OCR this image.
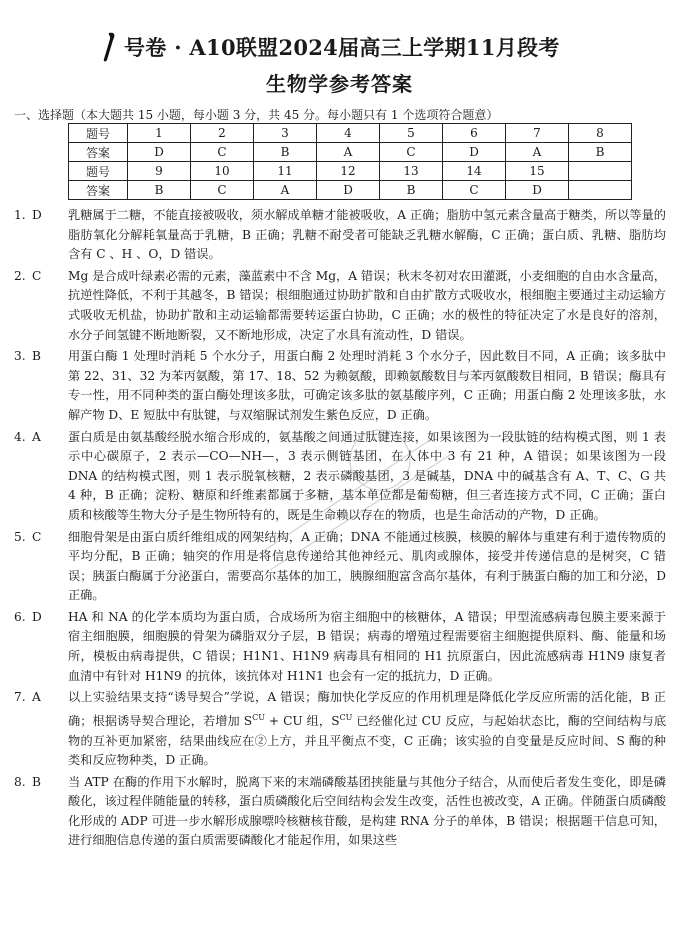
号卷 · A10联盟2024届高三上学期11月段考
生物学参考答案
一、选择题（本大题共 15 小题，每小题 3 分，共 45 分。每小题只有 1 个选项符合题意）
题号	1	2	3	4	5	6	7	8
答案	D	C	B	A	C	D	A	B
题号	9	10	11	12	13	14	15	
答案	B	C	A	D	B	C	D	
1. D	乳糖属于二糖，不能直接被吸收，须水解成单糖才能被吸收，A 正确；脂肪中氢元素含量高于糖类，所以等量的脂肪氧化分解耗氧量高于乳糖，B 正确；乳糖不耐受者可能缺乏乳糖水解酶，C 正确；蛋白质、乳糖、脂肪均含有 C 、H 、O，D 错误。
2. C	Mg 是合成叶绿素必需的元素，藻蓝素中不含 Mg，A 错误；秋末冬初对农田灌溉，小麦细胞的自由水含量高，抗逆性降低，不利于其越冬，B 错误；根细胞通过协助扩散和自由扩散方式吸收水，根细胞主要通过主动运输方式吸收无机盐，协助扩散和主动运输都需要转运蛋白协助，C 正确；水的极性的特征决定了水是良好的溶剂，水分子间氢键不断地断裂，又不断地形成，决定了水具有流动性，D 错误。
3. B	用蛋白酶 1 处理时消耗 5 个水分子，用蛋白酶 2 处理时消耗 3 个水分子，因此数目不同，A 正确；该多肽中第 22、31、32 为苯丙氨酸，第 17、18、52 为赖氨酸，即赖氨酸数目与苯丙氨酸数目相同，B 错误；酶具有专一性，用不同种类的蛋白酶处理该多肽，可确定该多肽的氨基酸序列，C 正确；用蛋白酶 2 处理该多肽，水解产物 D、E 短肽中有肽键，与双缩脲试剂发生紫色反应，D 正确。
4. A	蛋白质是由氨基酸经脱水缩合形成的，氨基酸之间通过肽键连接，如果该图为一段肽链的结构模式图，则 1 表示中心碳原子，2 表示—CO—NH—，3 表示侧链基团，在人体中 3 有 21 种，A 错误；如果该图为一段 DNA 的结构模式图，则 1 表示脱氧核糖，2 表示磷酸基团，3 是碱基，DNA 中的碱基含有 A、T、C、G 共 4 种，B 正确；淀粉、糖原和纤维素都属于多糖，基本单位都是葡萄糖，但三者连接方式不同，C 正确；蛋白质和核酸等生物大分子是生物所特有的，既是生命赖以存在的物质，也是生命活动的产物，D 正确。
5. C	细胞骨架是由蛋白质纤维组成的网架结构，A 正确；DNA 不能通过核膜，核膜的解体与重建有利于遗传物质的平均分配，B 正确；轴突的作用是将信息传递给其他神经元、肌肉或腺体，接受并传递信息的是树突，C 错误；胰蛋白酶属于分泌蛋白，需要高尔基体的加工，胰腺细胞富含高尔基体，有利于胰蛋白酶的加工和分泌，D 正确。
6. D	HA 和 NA 的化学本质均为蛋白质，合成场所为宿主细胞中的核糖体，A 错误；甲型流感病毒包膜主要来源于宿主细胞膜，细胞膜的骨架为磷脂双分子层，B 错误；病毒的增殖过程需要宿主细胞提供原料、酶、能量和场所，模板由病毒提供，C 错误；H1N1、H1N9 病毒具有相同的 H1 抗原蛋白，因此流感病毒 H1N9 康复者血清中有针对 H1N9 的抗体，该抗体对 H1N1 也会有一定的抵抗力，D 正确。
7. A	以上实验结果支持“诱导契合”学说，A 错误；酶加快化学反应的作用机理是降低化学反应所需的活化能，B 正确；根据诱导契合理论，若增加 $S^{CU}$ + CU 组，$S^{CU}$ 已经催化过 CU 反应，与起始状态比，酶的空间结构与底物的互补更加紧密，结果曲线应在②上方，并且平衡点不变，C 正确；该实验的自变量是反应时间、S 酶的种类和反应物种类，D 正确。
8. B	当 ATP 在酶的作用下水解时，脱离下来的末端磷酸基团挟能量与其他分子结合，从而使后者发生变化，即是磷酸化，该过程伴随能量的转移，蛋白质磷酸化后空间结构会发生改变，活性也被改变，A 正确。伴随蛋白质磷酸化形成的 ADP 可进一步水解形成腺嘌呤核糖核苷酸，是构建 RNA 分子的单体，B 错误；根据题干信息可知，进行细胞信息传递的蛋白质需要磷酸化才能起作用，如果这些
